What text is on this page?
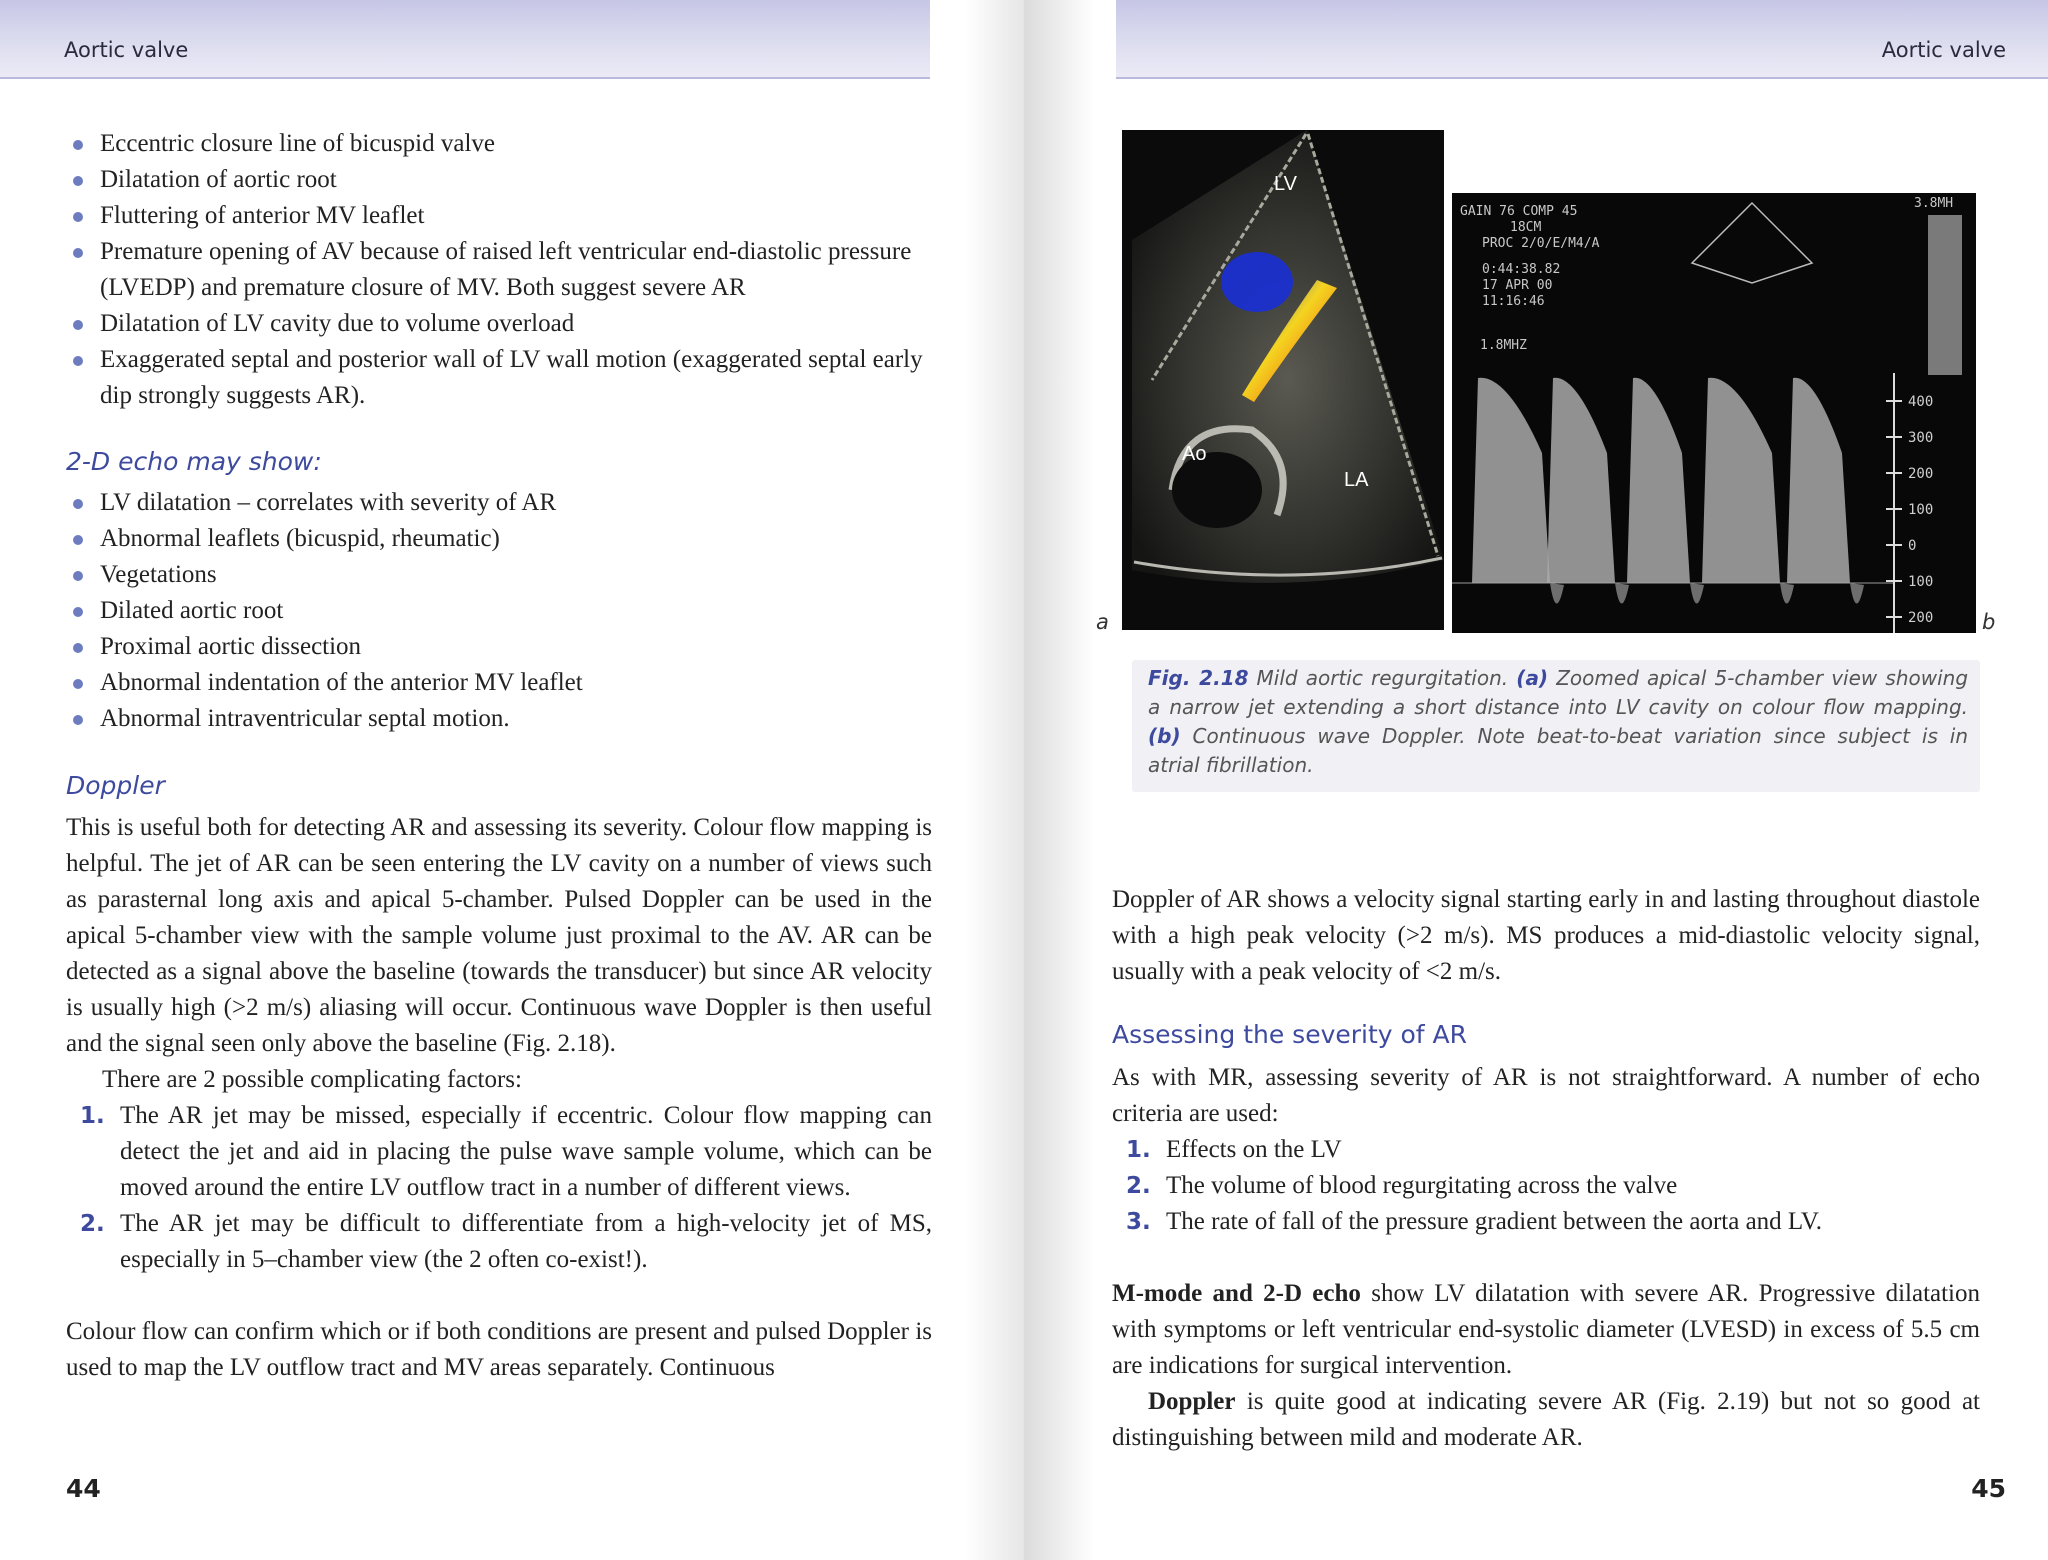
Aortic valve
Eccentric closure line of bicuspid valve
Dilatation of aortic root
Fluttering of anterior MV leaflet
Premature opening of AV because of raised left ventricular end-diastolic pressure (LVEDP) and premature closure of MV. Both suggest severe AR
Dilatation of LV cavity due to volume overload
Exaggerated septal and posterior wall of LV wall motion (exaggerated septal early dip strongly suggests AR).
2-D echo may show:
LV dilatation – correlates with severity of AR
Abnormal leaflets (bicuspid, rheumatic)
Vegetations
Dilated aortic root
Proximal aortic dissection
Abnormal indentation of the anterior MV leaflet
Abnormal intraventricular septal motion.
Doppler

This is useful both for detecting AR and assessing its severity. Colour flow mapping is helpful. The jet of AR can be seen entering the LV cavity on a number of views such as parasternal long axis and apical 5-chamber. Pulsed Doppler can be used in the apical 5-chamber view with the sample volume just proximal to the AV. AR can be detected as a signal above the baseline (towards the transducer) but since AR velocity is usually high (>2 m/s) aliasing will occur. Continuous wave Doppler is then useful and the signal seen only above the baseline (Fig. 2.18).

There are 2 possible complicating factors:

1. The AR jet may be missed, especially if eccentric. Colour flow mapping can detect the jet and aid in placing the pulse wave sample volume, which can be moved around the entire LV outflow tract in a number of different views.
2. The AR jet may be difficult to differentiate from a high-velocity jet of MS, especially in 5–chamber view (the 2 often co-exist!).

Colour flow can confirm which or if both conditions are present and pulsed Doppler is used to map the LV outflow tract and MV areas separately. Continuous

44
Aortic valve
LV
Ao
LA
a
GAIN 76 COMP 45
18CM
PROC 2/0/E/M4/A
0:44:38.82
17 APR 00
11:16:46
1.8MHZ
3.8MH
400
300
200
100
0
100
200 b
Fig. 2.18 Mild aortic regurgitation. (a) Zoomed apical 5-chamber view showing a narrow jet extending a short distance into LV cavity on colour flow mapping. (b) Continuous wave Doppler. Note beat-to-beat variation since subject is in atrial fibrillation.

Doppler of AR shows a velocity signal starting early in and lasting throughout diastole with a high peak velocity (>2 m/s). MS produces a mid-diastolic velocity signal, usually with a peak velocity of <2 m/s.

Assessing the severity of AR

As with MR, assessing severity of AR is not straightforward. A number of echo criteria are used:

1. Effects on the LV
2. The volume of blood regurgitating across the valve
3. The rate of fall of the pressure gradient between the aorta and LV.

M-mode and 2-D echo show LV dilatation with severe AR. Progressive dilatation with symptoms or left ventricular end-systolic diameter (LVESD) in excess of 5.5 cm are indications for surgical intervention.

Doppler is quite good at indicating severe AR (Fig. 2.19) but not so good at distinguishing between mild and moderate AR.

45
